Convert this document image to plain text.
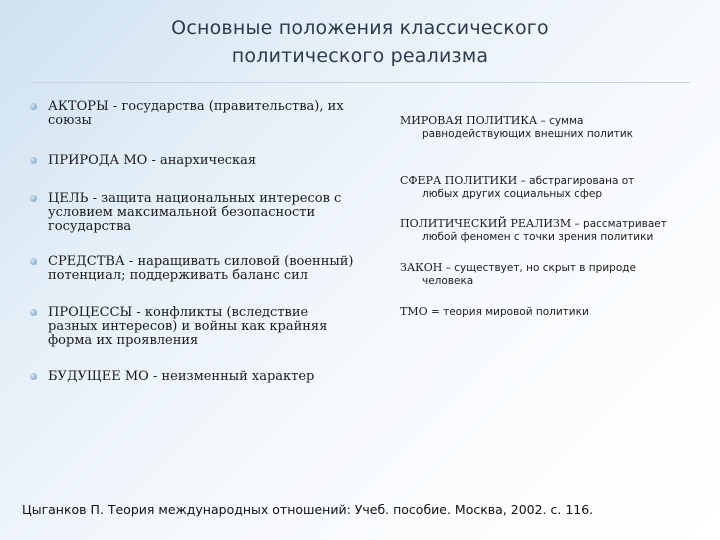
Основные положения классического
политического реализма
АКТОРЫ - государства (правительства), их
союзы
ПРИРОДА МО - анархическая
ЦЕЛЬ - защита национальных интересов с
условием максимальной безопасности
государства
СРЕДСТВА - наращивать силовой (военный)
потенциал; поддерживать баланс сил
ПРОЦЕССЫ - конфликты (вследствие
разных интересов) и войны как крайняя
форма их проявления
БУДУЩЕЕ МО - неизменный характер
МИРОВАЯ ПОЛИТИКА – сумма
равнодействующих внешних политик
СФЕРА ПОЛИТИКИ – абстрагирована от
любых других социальных сфер
ПОЛИТИЧЕСКИЙ РЕАЛИЗМ – рассматривает
любой феномен с точки зрения политики
ЗАКОН – существует, но скрыт в природе
человека
ТМО = теория мировой политики
Цыганков П. Теория международных отношений: Учеб. пособие. Москва, 2002. с. 116.
